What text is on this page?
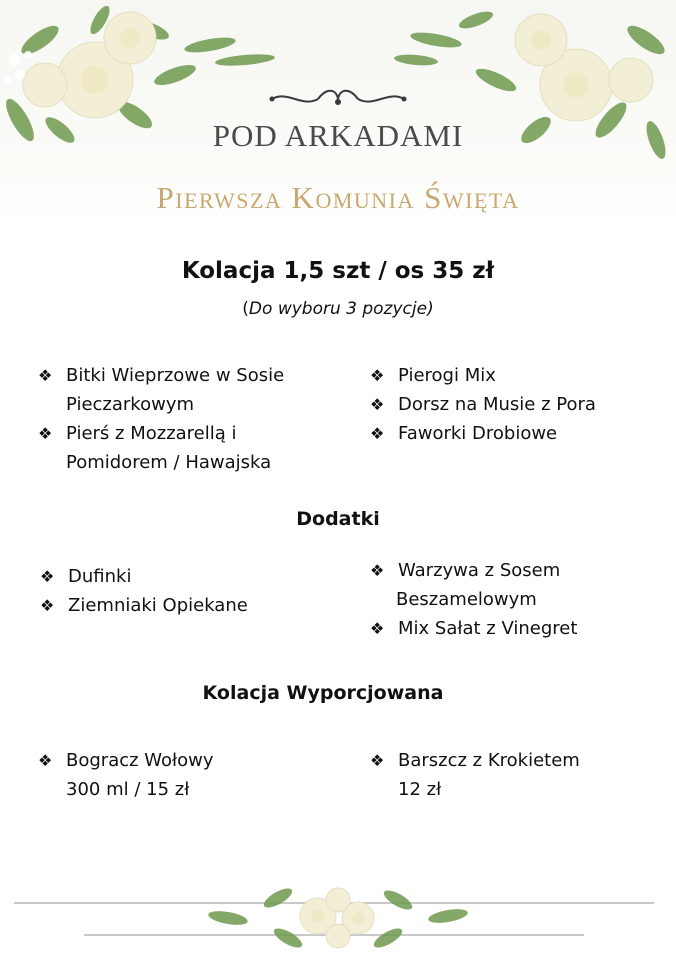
POD ARKADAMI
Pierwsza Komunia Święta
Kolacja 1,5 szt / os 35 zł
(Do wyboru 3 pozycje)
❖ Bitki Wieprzowe w Sosie
Pieczarkowym
❖ Pierś z Mozzarellą i
Pomidorem / Hawajska
❖ Pierogi Mix
❖ Dorsz na Musie z Pora
❖ Faworki Drobiowe
Dodatki
❖ Dufinki
❖ Ziemniaki Opiekane
❖ Warzywa z Sosem
Beszamelowym
❖ Mix Sałat z Vinegret
Kolacja Wyporcjowana
❖ Bogracz Wołowy
300 ml / 15 zł
❖ Barszcz z Krokietem
12 zł
